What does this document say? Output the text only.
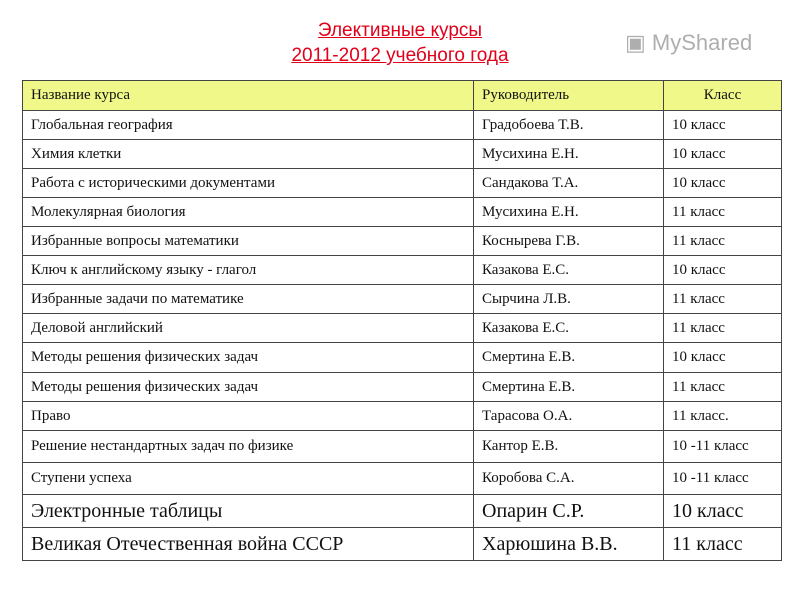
Элективные курсы
2011-2012 учебного года
Название курса	Руководитель	Класс
Глобальная география	Градобоева Т.В.	10 класс
Химия клетки	Мусихина Е.Н.	10 класс
Работа с историческими документами	Сандакова Т.А.	10 класс
Молекулярная биология	Мусихина Е.Н.	11 класс
Избранные вопросы математики	Коснырева Г.В.	11 класс
Ключ к английскому языку - глагол	Казакова Е.С.	10 класс
Избранные задачи по математике	Сырчина Л.В.	11 класс
Деловой английский	Казакова Е.С.	11 класс
Методы решения физических задач	Смертина Е.В.	10 класс
Методы решения физических задач	Смертина Е.В.	11 класс
Право	Тарасова О.А.	11 класс.
Решение нестандартных задач по физике	Кантор Е.В.	10 -11 класс
Ступени успеха	Коробова С.А.	10 -11 класс
Электронные таблицы	Опарин С.Р.	10 класс
Великая Отечественная война СССР	Харюшина В.В.	11 класс
▣ MyShared
